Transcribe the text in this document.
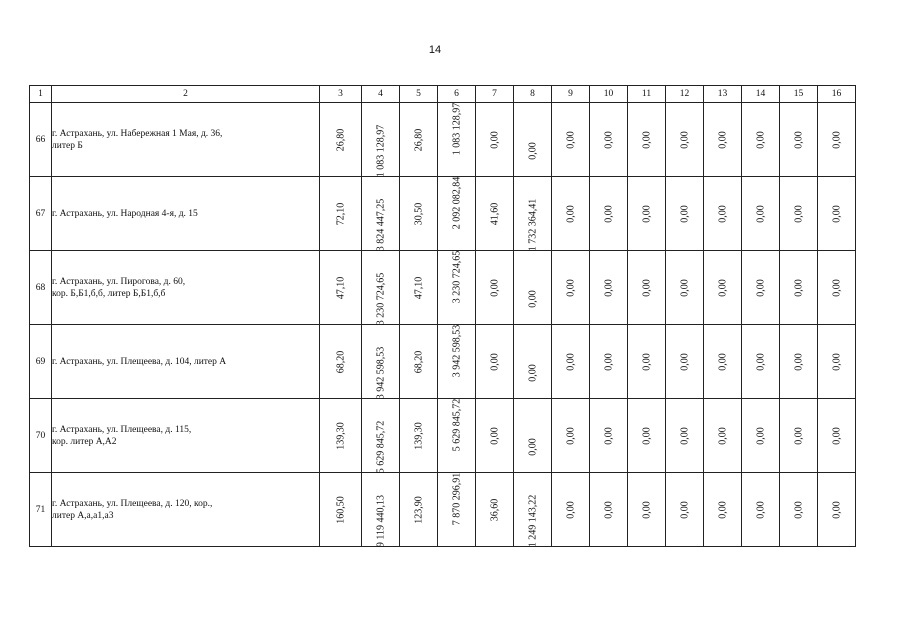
14
1	2	3	4	5	6	7	8	9	10	11	12	13	14	15	16
66	г. Астрахань, ул. Набережная 1 Мая, д. 36,
литер Б	26,80	1 083 128,97	26,80	1 083 128,97	0,00	0,00	0,00	0,00	0,00	0,00	0,00	0,00	0,00	0,00

67	г. Астрахань, ул. Народная 4-я, д. 15	72,10	3 824 447,25	30,50	2 092 082,84	41,60	1 732 364,41	0,00	0,00	0,00	0,00	0,00	0,00	0,00	0,00

68	г. Астрахань, ул. Пирогова, д. 60,
кор. Б,Б1,б,б, литер Б,Б1,б,б	47,10	3 230 724,65	47,10	3 230 724,65	0,00	0,00	0,00	0,00	0,00	0,00	0,00	0,00	0,00	0,00

69	г. Астрахань, ул. Плещеева, д. 104, литер А	68,20	3 942 598,53	68,20	3 942 598,53	0,00	0,00	0,00	0,00	0,00	0,00	0,00	0,00	0,00	0,00

70	г. Астрахань, ул. Плещеева, д. 115,
кор. литер А,А2	139,30	5 629 845,72	139,30	5 629 845,72	0,00	0,00	0,00	0,00	0,00	0,00	0,00	0,00	0,00	0,00

71	г. Астрахань, ул. Плещеева, д. 120, кор.,
литер А,а,а1,а3	160,50	9 119 440,13	123,90	7 870 296,91	36,60	1 249 143,22	0,00	0,00	0,00	0,00	0,00	0,00	0,00	0,00
